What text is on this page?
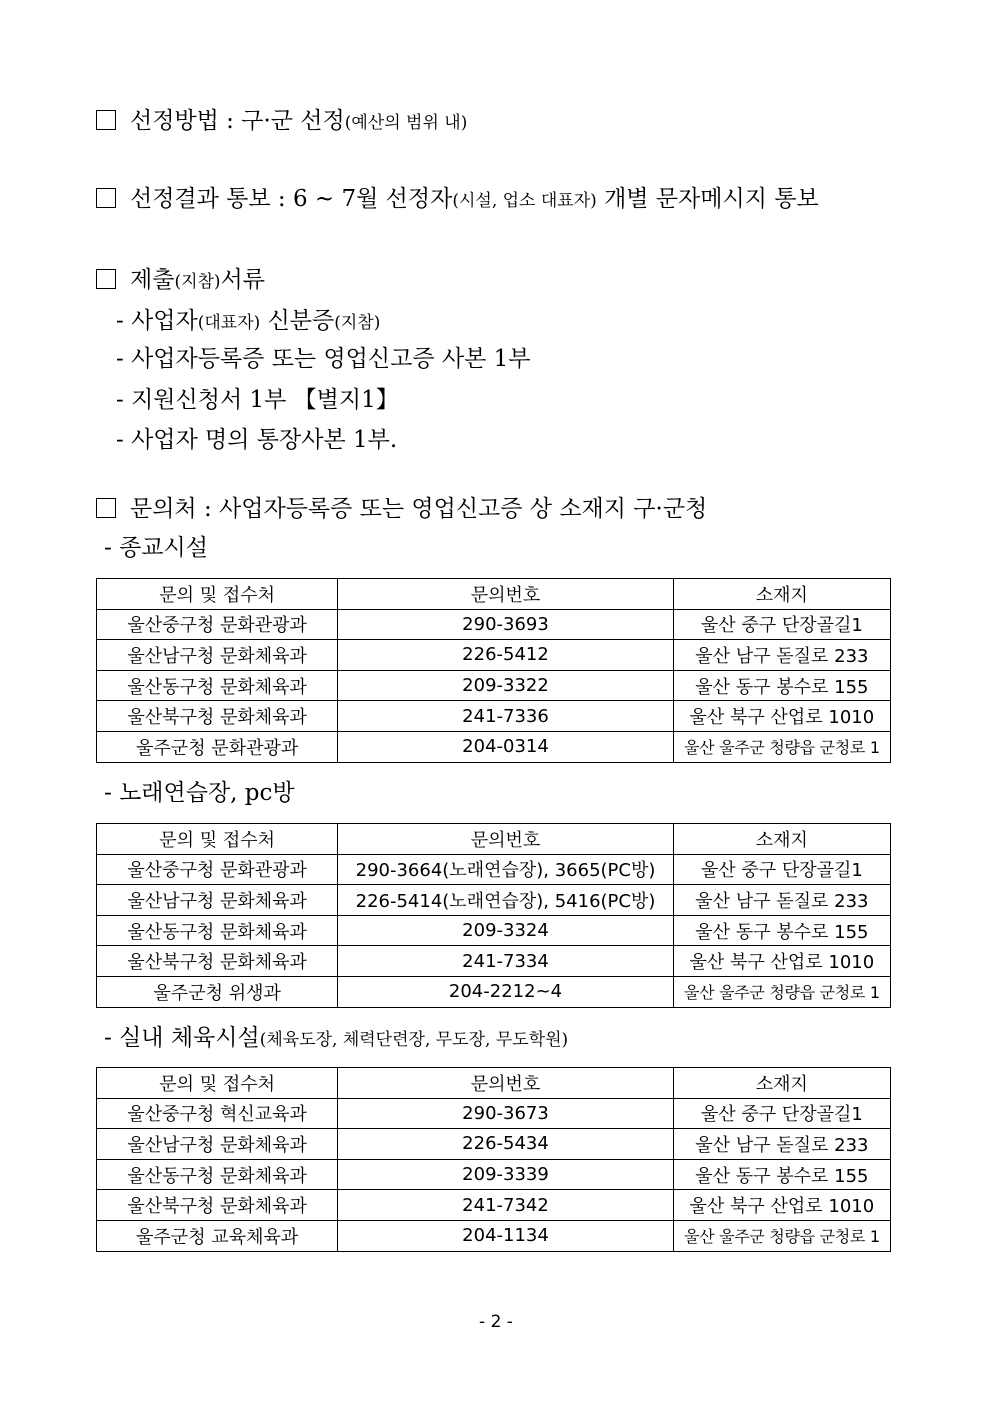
선정방법 : 구·군 선정(예산의 범위 내)
선정결과 통보 : 6 ~ 7월 선정자(시설, 업소 대표자) 개별 문자메시지 통보
제출(지참)서류
- 사업자(대표자) 신분증(지참)
- 사업자등록증 또는 영업신고증 사본 1부
- 지원신청서 1부 【별지1】
- 사업자 명의 통장사본 1부.
문의처 : 사업자등록증 또는 영업신고증 상 소재지 구·군청
- 종교시설
문의 및 접수처	문의번호	소재지
울산중구청 문화관광과	290-3693	울산 중구 단장골길1
울산남구청 문화체육과	226-5412	울산 남구 돋질로 233
울산동구청 문화체육과	209-3322	울산 동구 봉수로 155
울산북구청 문화체육과	241-7336	울산 북구 산업로 1010
울주군청 문화관광과	204-0314	울산 울주군 청량읍 군청로 1
- 노래연습장, pc방
문의 및 접수처	문의번호	소재지
울산중구청 문화관광과	290-3664(노래연습장), 3665(PC방)	울산 중구 단장골길1
울산남구청 문화체육과	226-5414(노래연습장), 5416(PC방)	울산 남구 돋질로 233
울산동구청 문화체육과	209-3324	울산 동구 봉수로 155
울산북구청 문화체육과	241-7334	울산 북구 산업로 1010
울주군청 위생과	204-2212~4	울산 울주군 청량읍 군청로 1
- 실내 체육시설(체육도장, 체력단련장, 무도장, 무도학원)
문의 및 접수처	문의번호	소재지
울산중구청 혁신교육과	290-3673	울산 중구 단장골길1
울산남구청 문화체육과	226-5434	울산 남구 돋질로 233
울산동구청 문화체육과	209-3339	울산 동구 봉수로 155
울산북구청 문화체육과	241-7342	울산 북구 산업로 1010
울주군청 교육체육과	204-1134	울산 울주군 청량읍 군청로 1
- 2 -
